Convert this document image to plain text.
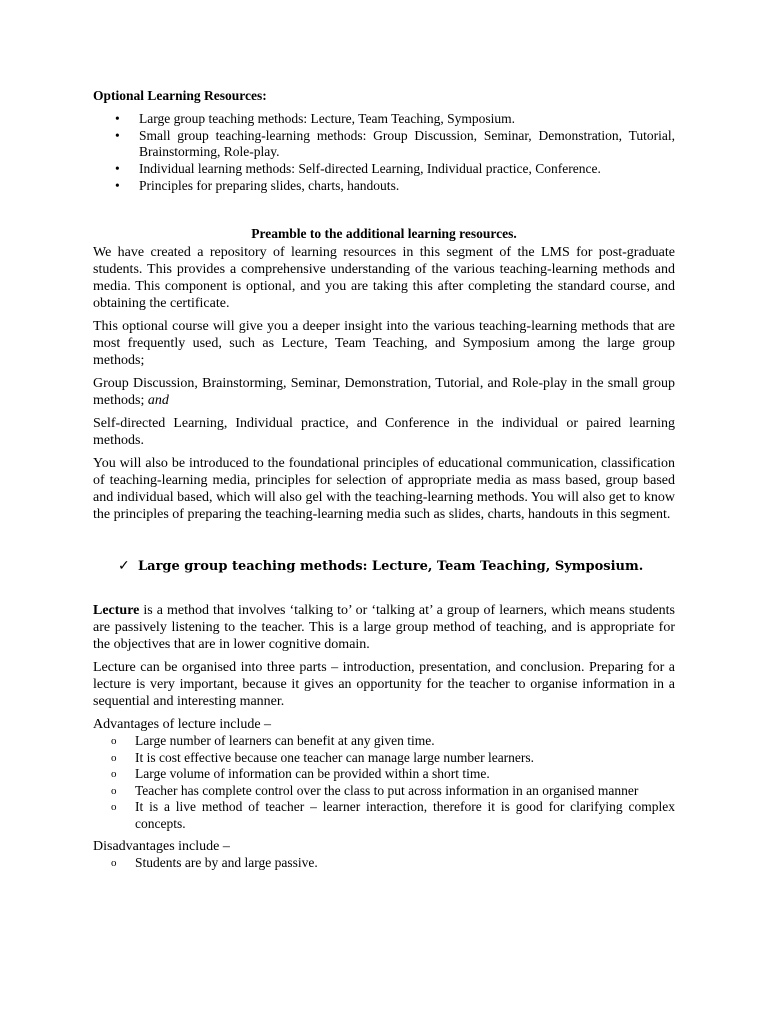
Optional Learning Resources:
• Large group teaching methods: Lecture, Team Teaching, Symposium.
• Small group teaching-learning methods: Group Discussion, Seminar, Demonstration, Tutorial, Brainstorming, Role-play.
• Individual learning methods: Self-directed Learning, Individual practice, Conference.
• Principles for preparing slides, charts, handouts.
Preamble to the additional learning resources.

We have created a repository of learning resources in this segment of the LMS for post-graduate students. This provides a comprehensive understanding of the various teaching-learning methods and media. This component is optional, and you are taking this after completing the standard course, and obtaining the certificate.

This optional course will give you a deeper insight into the various teaching-learning methods that are most frequently used, such as Lecture, Team Teaching, and Symposium among the large group methods;

Group Discussion, Brainstorming, Seminar, Demonstration, Tutorial, and Role-play in the small group methods; and

Self-directed Learning, Individual practice, and Conference in the individual or paired learning methods.

You will also be introduced to the foundational principles of educational communication, classification of teaching-learning media, principles for selection of appropriate media as mass based, group based and individual based, which will also gel with the teaching-learning methods. You will also get to know the principles of preparing the teaching-learning media such as slides, charts, handouts in this segment.

✓ Large group teaching methods: Lecture, Team Teaching, Symposium.

Lecture is a method that involves ‘talking to’ or ‘talking at’ a group of learners, which means students are passively listening to the teacher. This is a large group method of teaching, and is appropriate for the objectives that are in lower cognitive domain.

Lecture can be organised into three parts – introduction, presentation, and conclusion. Preparing for a lecture is very important, because it gives an opportunity for the teacher to organise information in a sequential and interesting manner.

Advantages of lecture include –
o Large number of learners can benefit at any given time.
o It is cost effective because one teacher can manage large number learners.
o Large volume of information can be provided within a short time.
o Teacher has complete control over the class to put across information in an organised manner
o It is a live method of teacher – learner interaction, therefore it is good for clarifying complex concepts.
Disadvantages include –
o Students are by and large passive.
